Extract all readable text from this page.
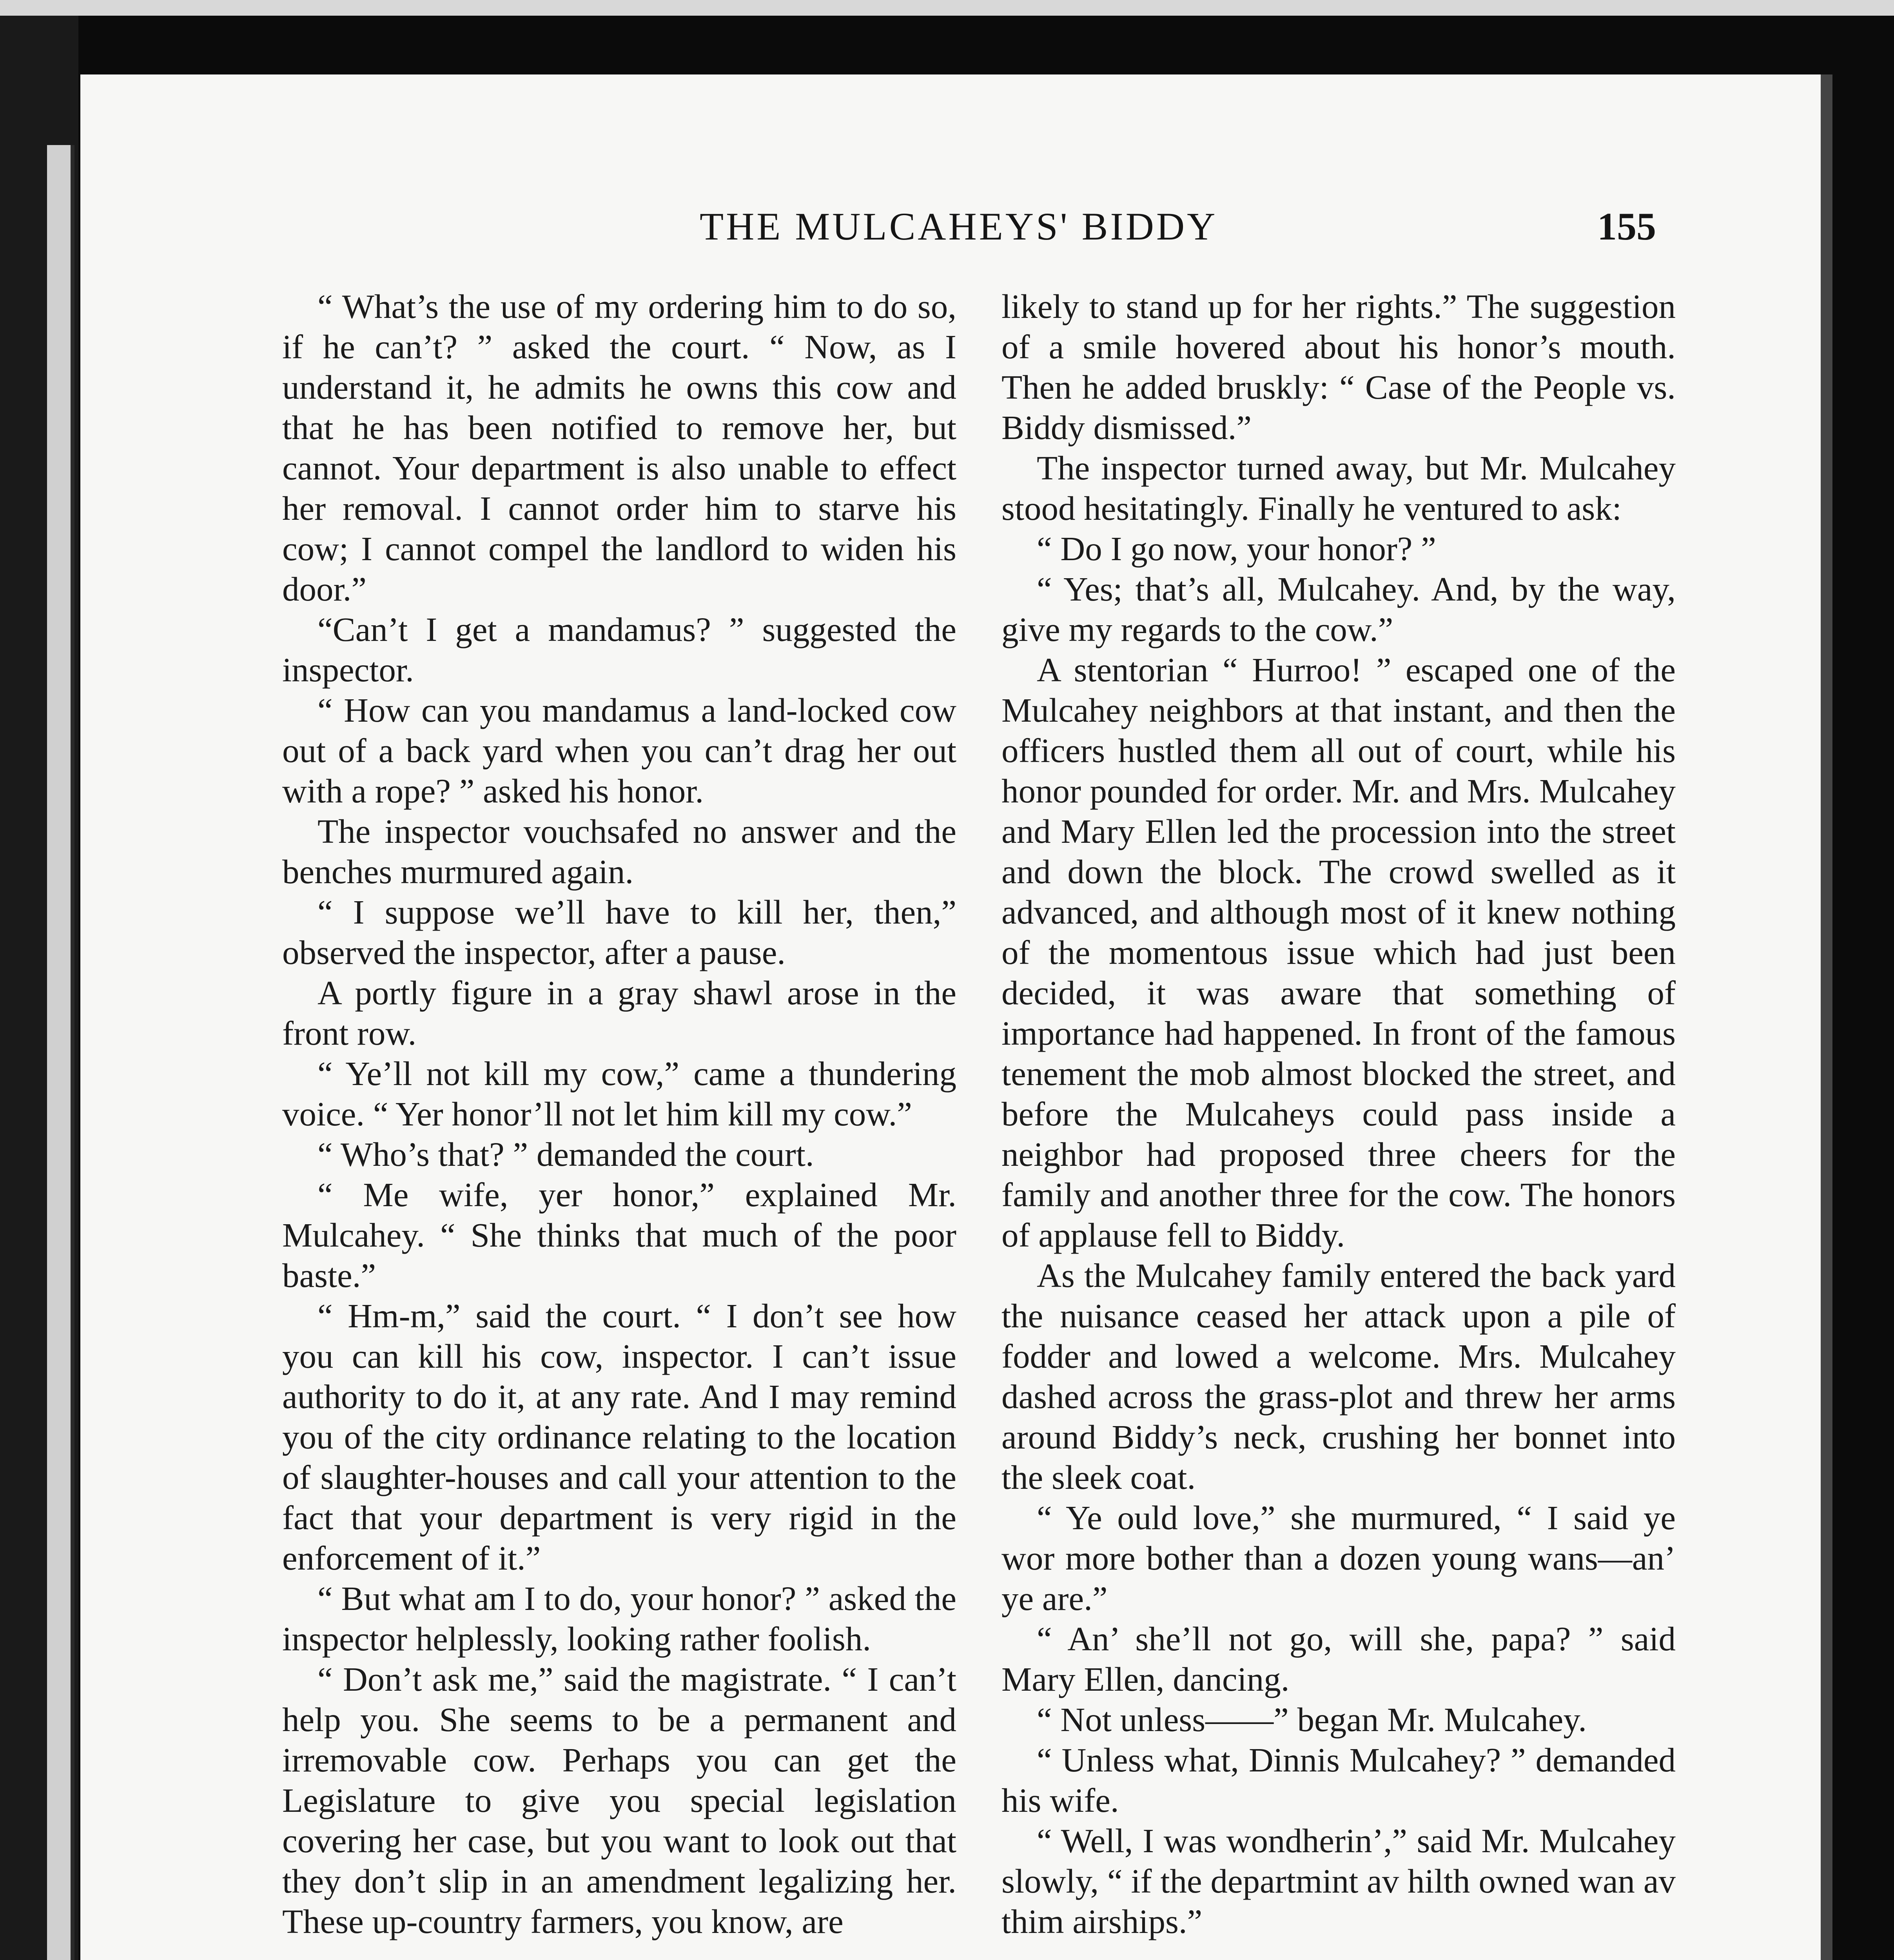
THE MULCAHEYS' BIDDY	155

“ What’s the use of my ordering him to do so, if he can’t? ” asked the court. “ Now, as I understand it, he admits he owns this cow and that he has been notified to remove her, but cannot. Your department is also unable to effect her removal. I cannot order him to starve his cow; I cannot compel the landlord to widen his door.”

“Can’t I get a mandamus? ” suggested the inspector.

“ How can you mandamus a land-locked cow out of a back yard when you can’t drag her out with a rope? ” asked his honor.

The inspector vouchsafed no answer and the benches murmured again.

“ I suppose we’ll have to kill her, then,” observed the inspector, after a pause.

A portly figure in a gray shawl arose in the front row.

“ Ye’ll not kill my cow,” came a thundering voice. “ Yer honor’ll not let him kill my cow.”

“ Who’s that? ” demanded the court.

“ Me wife, yer honor,” explained Mr. Mulcahey. “ She thinks that much of the poor baste.”

“ Hm-m,” said the court. “ I don’t see how you can kill his cow, inspector. I can’t issue authority to do it, at any rate. And I may remind you of the city ordinance relating to the location of slaughter-houses and call your attention to the fact that your department is very rigid in the enforcement of it.”

“ But what am I to do, your honor? ” asked the inspector helplessly, looking rather foolish.

“ Don’t ask me,” said the magistrate. “ I can’t help you. She seems to be a permanent and irremovable cow. Perhaps you can get the Legislature to give you special legislation covering her case, but you want to look out that they don’t slip in an amendment legalizing her. These up-country farmers, you know, are

likely to stand up for her rights.” The suggestion of a smile hovered about his honor’s mouth. Then he added bruskly: “ Case of the People vs. Biddy dismissed.”

The inspector turned away, but Mr. Mulcahey stood hesitatingly. Finally he ventured to ask:

“ Do I go now, your honor? ”

“ Yes; that’s all, Mulcahey. And, by the way, give my regards to the cow.”

A stentorian “ Hurroo! ” escaped one of the Mulcahey neighbors at that instant, and then the officers hustled them all out of court, while his honor pounded for order. Mr. and Mrs. Mulcahey and Mary Ellen led the procession into the street and down the block. The crowd swelled as it advanced, and although most of it knew nothing of the momentous issue which had just been decided, it was aware that something of importance had happened. In front of the famous tenement the mob almost blocked the street, and before the Mulcaheys could pass inside a neighbor had proposed three cheers for the family and another three for the cow. The honors of applause fell to Biddy.

As the Mulcahey family entered the back yard the nuisance ceased her attack upon a pile of fodder and lowed a welcome. Mrs. Mulcahey dashed across the grass-plot and threw her arms around Biddy’s neck, crushing her bonnet into the sleek coat.

“ Ye ould love,” she murmured, “ I said ye wor more bother than a dozen young wans—an’ ye are.”

“ An’ she’ll not go, will she, papa? ” said Mary Ellen, dancing.

“ Not unless——” began Mr. Mulcahey.

“ Unless what, Dinnis Mulcahey? ” demanded his wife.

“ Well, I was wondherin’,” said Mr. Mulcahey slowly, “ if the departmint av hilth owned wan av thim airships.”
